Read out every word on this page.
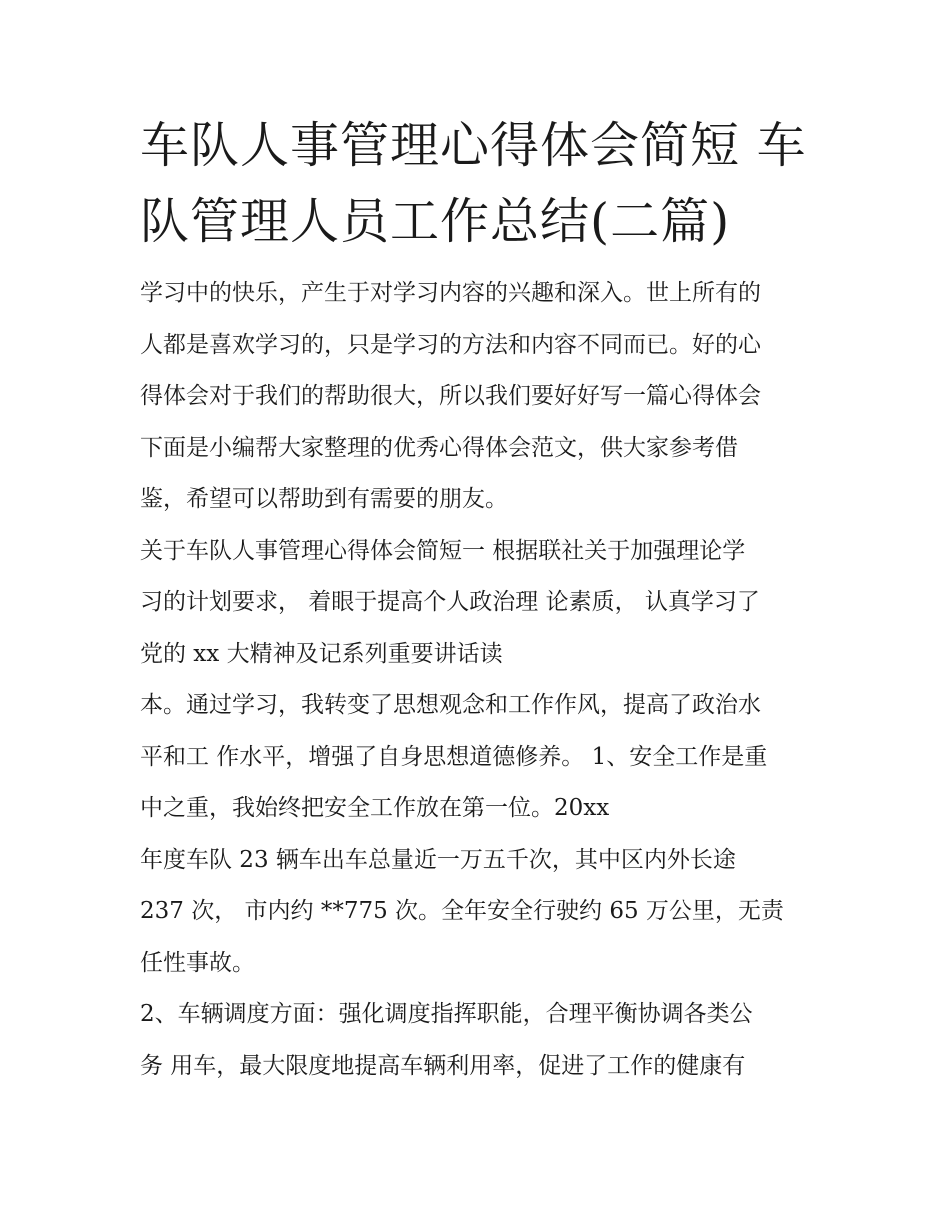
车队人事管理心得体会简短 车
队管理人员工作总结(二篇)
学习中的快乐，产生于对学习内容的兴趣和深入。世上所有的
人都是喜欢学习的，只是学习的方法和内容不同而已。好的心
得体会对于我们的帮助很大，所以我们要好好写一篇心得体会
下面是小编帮大家整理的优秀心得体会范文，供大家参考借
鉴，希望可以帮助到有需要的朋友。
关于车队人事管理心得体会简短一 根据联社关于加强理论学
习的计划要求， 着眼于提高个人政治理 论素质， 认真学习了
党的 xx 大精神及记系列重要讲话读
本。通过学习，我转变了思想观念和工作作风，提高了政治水
平和工 作水平，增强了自身思想道德修养。 1、安全工作是重
中之重，我始终把安全工作放在第一位。20xx
年度车队 23 辆车出车总量近一万五千次，其中区内外长途
237 次， 市内约 **775 次。全年安全行驶约 65 万公里，无责
任性事故。
2、车辆调度方面：强化调度指挥职能，合理平衡协调各类公
务 用车，最大限度地提高车辆利用率，促进了工作的健康有
